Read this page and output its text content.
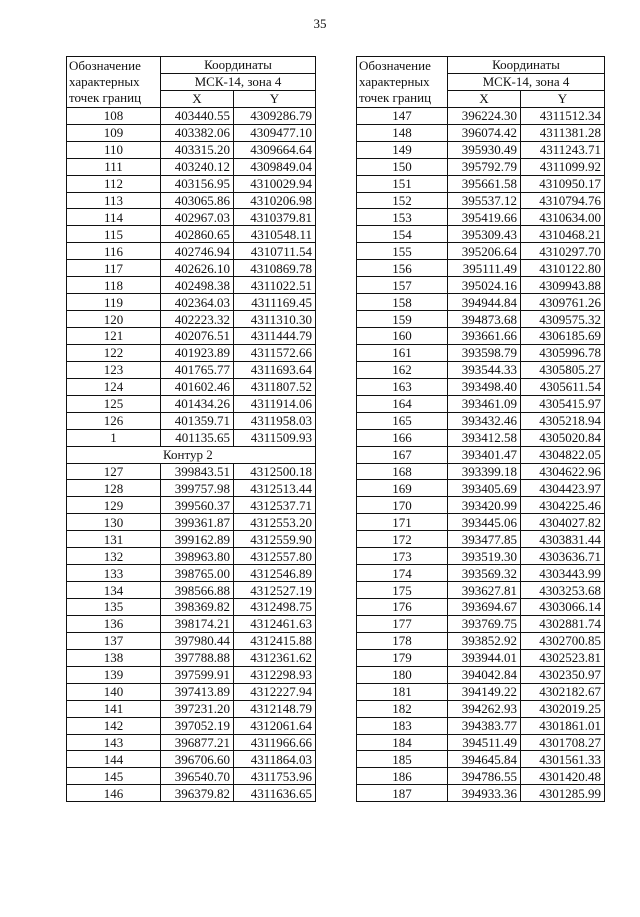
35
Обозначение характерных точек границ	Координаты	
	МСК-14, зона 4	
	X	Y
108	403440.55	4309286.79
109	403382.06	4309477.10
110	403315.20	4309664.64
111	403240.12	4309849.04
112	403156.95	4310029.94
113	403065.86	4310206.98
114	402967.03	4310379.81
115	402860.65	4310548.11
116	402746.94	4310711.54
117	402626.10	4310869.78
118	402498.38	4311022.51
119	402364.03	4311169.45
120	402223.32	4311310.30
121	402076.51	4311444.79
122	401923.89	4311572.66
123	401765.77	4311693.64
124	401602.46	4311807.52
125	401434.26	4311914.06
126	401359.71	4311958.03
1	401135.65	4311509.93
Контур 2		
127	399843.51	4312500.18
128	399757.98	4312513.44
129	399560.37	4312537.71
130	399361.87	4312553.20
131	399162.89	4312559.90
132	398963.80	4312557.80
133	398765.00	4312546.89
134	398566.88	4312527.19
135	398369.82	4312498.75
136	398174.21	4312461.63
137	397980.44	4312415.88
138	397788.88	4312361.62
139	397599.91	4312298.93
140	397413.89	4312227.94
141	397231.20	4312148.79
142	397052.19	4312061.64
143	396877.21	4311966.66
144	396706.60	4311864.03
145	396540.70	4311753.96
146	396379.82	4311636.65
Обозначение характерных точек границ	Координаты	
	МСК-14, зона 4	
	X	Y
147	396224.30	4311512.34
148	396074.42	4311381.28
149	395930.49	4311243.71
150	395792.79	4311099.92
151	395661.58	4310950.17
152	395537.12	4310794.76
153	395419.66	4310634.00
154	395309.43	4310468.21
155	395206.64	4310297.70
156	395111.49	4310122.80
157	395024.16	4309943.88
158	394944.84	4309761.26
159	394873.68	4309575.32
160	393661.66	4306185.69
161	393598.79	4305996.78
162	393544.33	4305805.27
163	393498.40	4305611.54
164	393461.09	4305415.97
165	393432.46	4305218.94
166	393412.58	4305020.84
167	393401.47	4304822.05
168	393399.18	4304622.96
169	393405.69	4304423.97
170	393420.99	4304225.46
171	393445.06	4304027.82
172	393477.85	4303831.44
173	393519.30	4303636.71
174	393569.32	4303443.99
175	393627.81	4303253.68
176	393694.67	4303066.14
177	393769.75	4302881.74
178	393852.92	4302700.85
179	393944.01	4302523.81
180	394042.84	4302350.97
181	394149.22	4302182.67
182	394262.93	4302019.25
183	394383.77	4301861.01
184	394511.49	4301708.27
185	394645.84	4301561.33
186	394786.55	4301420.48
187	394933.36	4301285.99
